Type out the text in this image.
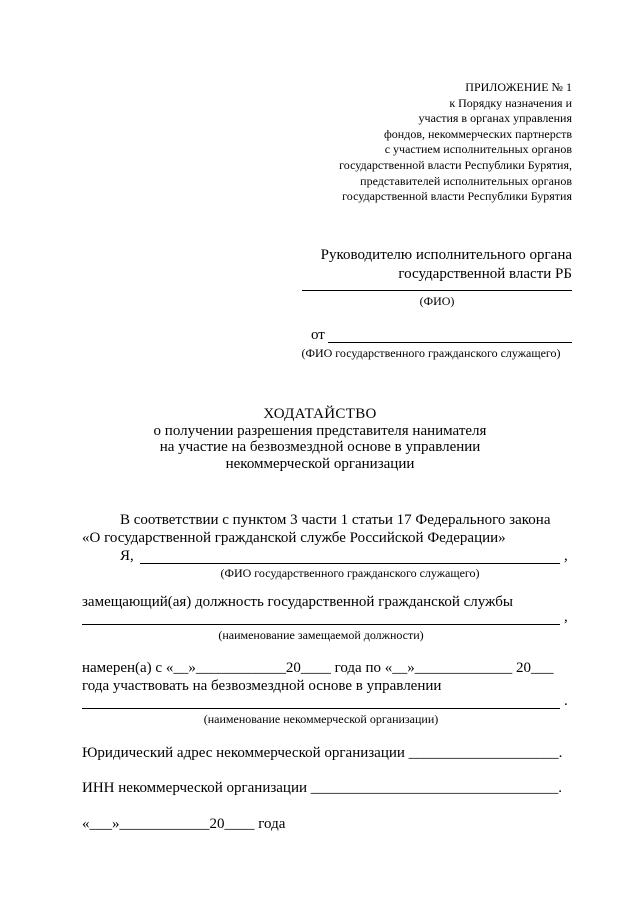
ПРИЛОЖЕНИЕ № 1
к Порядку назначения и
участия в органах управления
фондов, некоммерческих партнерств
с участием исполнительных органов
государственной власти Республики Бурятия,
представителей исполнительных органов
государственной власти Республики Бурятия
Руководителю исполнительного органа
государственной власти РБ
(ФИО)
от
(ФИО государственного гражданского служащего)
ХОДАТАЙСТВО
о получении разрешения представителя нанимателя
на участие на безвозмездной основе в управлении
некоммерческой организации
В соответствии с пунктом 3 части 1 статьи 17 Федерального закона
«О государственной гражданской службе Российской Федерации»
Я,	,
(ФИО государственного гражданского служащего)
замещающий(ая) должность государственной гражданской службы
,
(наименование замещаемой должности)
намерен(а) с «__»____________20____ года по «__»_____________ 20___
года участвовать на безвозмездной основе в управлении
.
(наименование некоммерческой организации)
Юридический адрес некоммерческой организации ____________________.
ИНН некоммерческой организации _________________________________.
«___»____________20____ года
